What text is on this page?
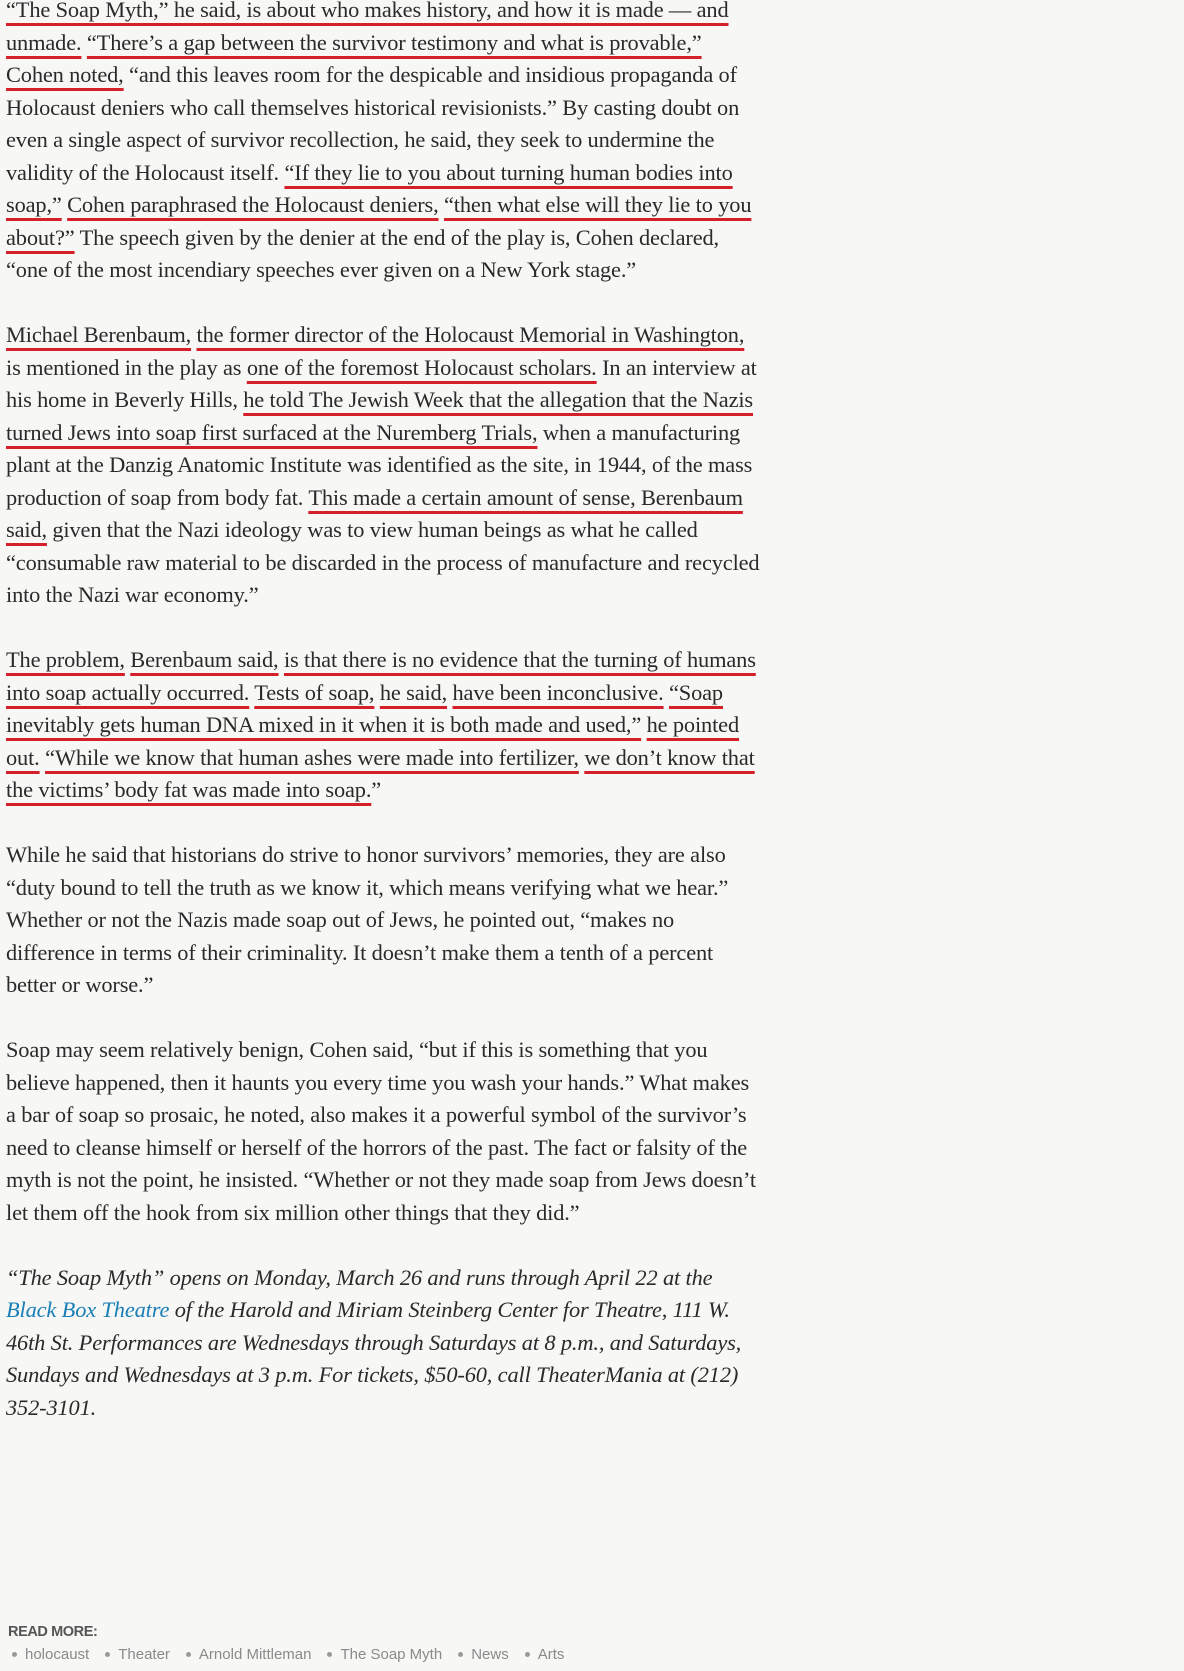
“The Soap Myth,” he said, is about who makes history, and how it is made — and unmade. “There’s a gap between the survivor testimony and what is provable,” Cohen noted, “and this leaves room for the despicable and insidious propaganda of Holocaust deniers who call themselves historical revisionists.” By casting doubt on even a single aspect of survivor recollection, he said, they seek to undermine the validity of the Holocaust itself. “If they lie to you about turning human bodies into soap,” Cohen paraphrased the Holocaust deniers, “then what else will they lie to you about?” The speech given by the denier at the end of the play is, Cohen declared, “one of the most incendiary speeches ever given on a New York stage.”

Michael Berenbaum, the former director of the Holocaust Memorial in Washington, is mentioned in the play as one of the foremost Holocaust scholars. In an interview at his home in Beverly Hills, he told The Jewish Week that the allegation that the Nazis turned Jews into soap first surfaced at the Nuremberg Trials, when a manufacturing plant at the Danzig Anatomic Institute was identified as the site, in 1944, of the mass production of soap from body fat. This made a certain amount of sense, Berenbaum said, given that the Nazi ideology was to view human beings as what he called “consumable raw material to be discarded in the process of manufacture and recycled into the Nazi war economy.”

The problem, Berenbaum said, is that there is no evidence that the turning of humans into soap actually occurred. Tests of soap, he said, have been inconclusive. “Soap inevitably gets human DNA mixed in it when it is both made and used,” he pointed out. “While we know that human ashes were made into fertilizer, we don’t know that the victims’ body fat was made into soap.”

While he said that historians do strive to honor survivors’ memories, they are also “duty bound to tell the truth as we know it, which means verifying what we hear.” Whether or not the Nazis made soap out of Jews, he pointed out, “makes no difference in terms of their criminality. It doesn’t make them a tenth of a percent better or worse.”

Soap may seem relatively benign, Cohen said, “but if this is something that you believe happened, then it haunts you every time you wash your hands.” What makes a bar of soap so prosaic, he noted, also makes it a powerful symbol of the survivor’s need to cleanse himself or herself of the horrors of the past. The fact or falsity of the myth is not the point, he insisted. “Whether or not they made soap from Jews doesn’t let them off the hook from six million other things that they did.”

“The Soap Myth” opens on Monday, March 26 and runs through April 22 at the Black Box Theatre of the Harold and Miriam Steinberg Center for Theatre, 111 W. 46th St. Performances are Wednesdays through Saturdays at 8 p.m., and Saturdays, Sundays and Wednesdays at 3 p.m. For tickets, $50-60, call TheaterMania at (212) 352-3101.

READ MORE:
holocaust Theater Arnold Mittleman The Soap Myth News Arts
